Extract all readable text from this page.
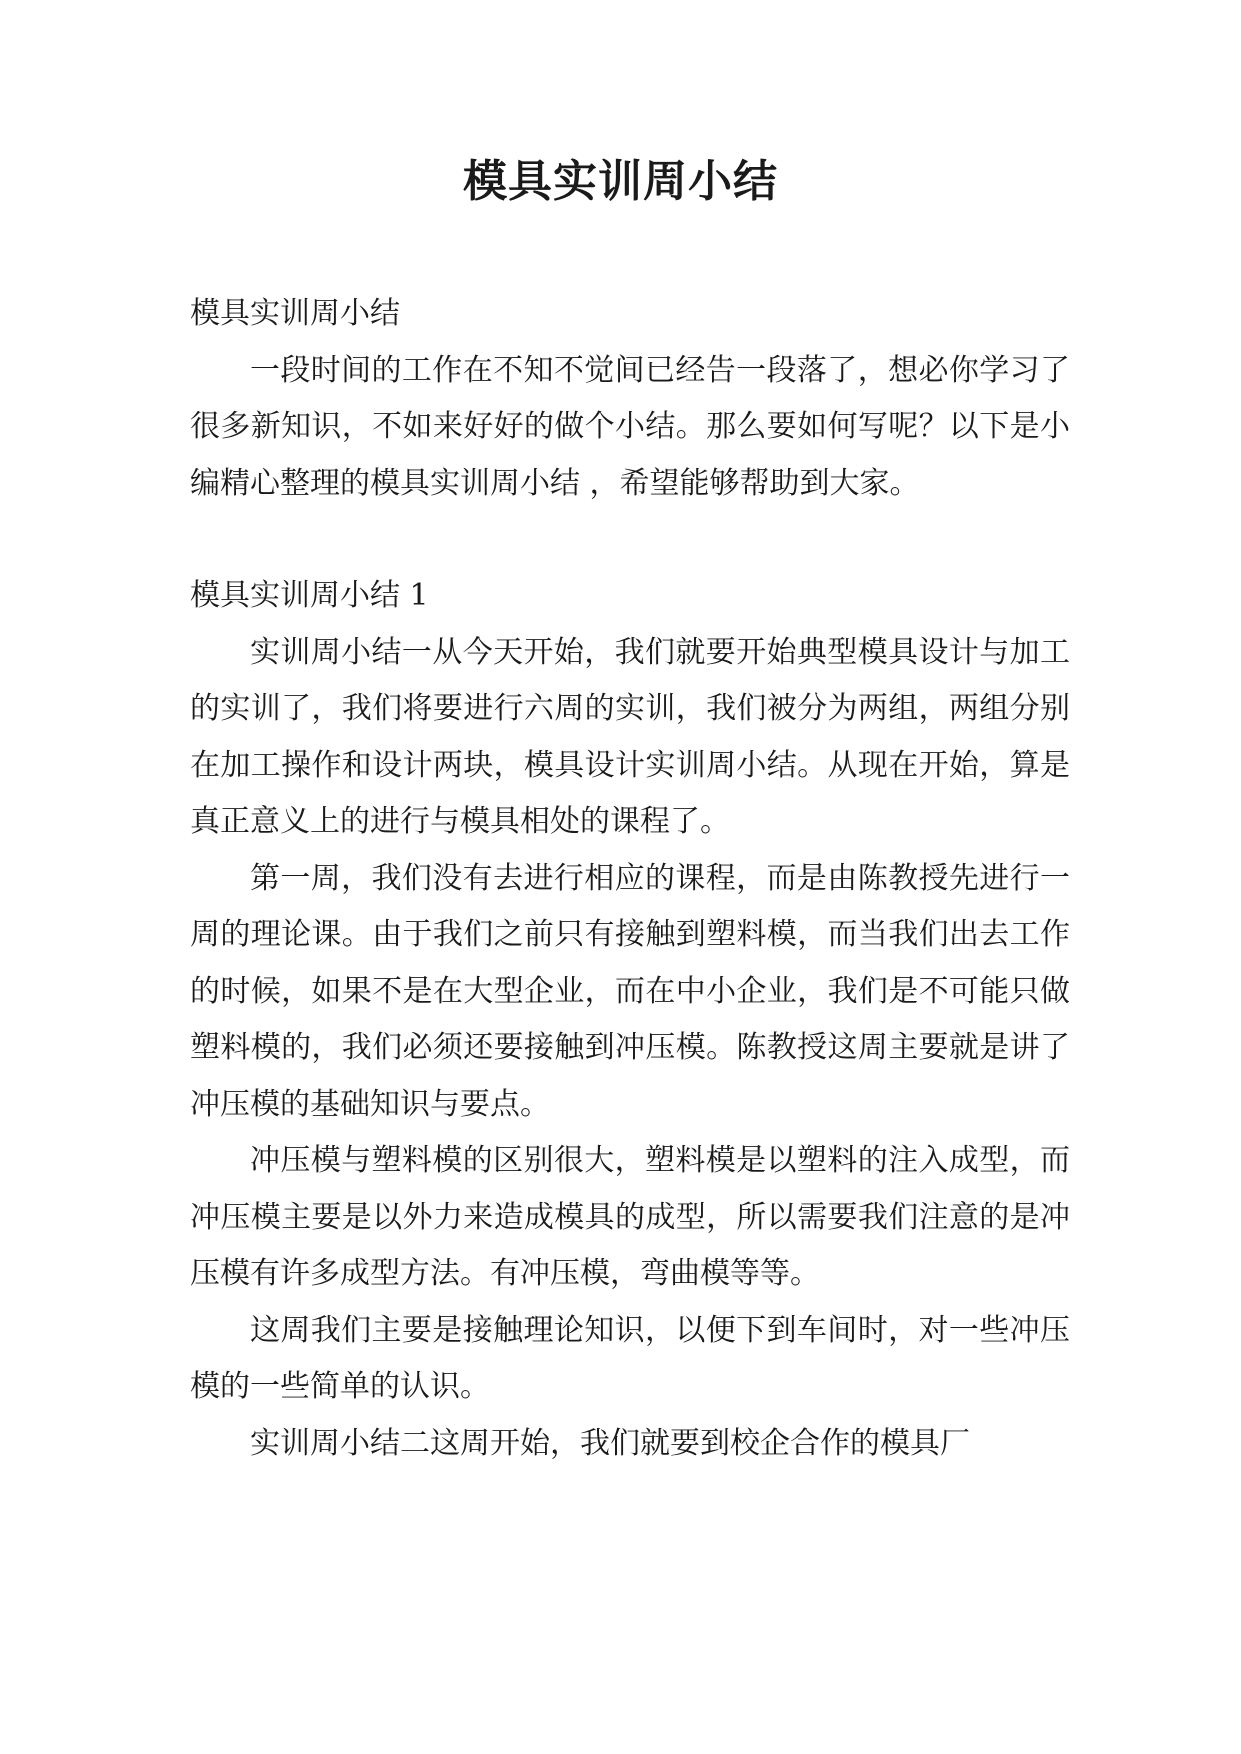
模具实训周小结

模具实训周小结

一段时间的工作在不知不觉间已经告一段落了，想必你学习了很多新知识，不如来好好的做个小结。那么要如何写呢？以下是小编精心整理的模具实训周小结 ，希望能够帮助到大家。

模具实训周小结 1

实训周小结一从今天开始，我们就要开始典型模具设计与加工的实训了，我们将要进行六周的实训，我们被分为两组，两组分别在加工操作和设计两块，模具设计实训周小结。从现在开始，算是真正意义上的进行与模具相处的课程了。

第一周，我们没有去进行相应的课程，而是由陈教授先进行一周的理论课。由于我们之前只有接触到塑料模，而当我们出去工作的时候，如果不是在大型企业，而在中小企业，我们是不可能只做塑料模的，我们必须还要接触到冲压模。陈教授这周主要就是讲了冲压模的基础知识与要点。

冲压模与塑料模的区别很大，塑料模是以塑料的注入成型，而冲压模主要是以外力来造成模具的成型，所以需要我们注意的是冲压模有许多成型方法。有冲压模，弯曲模等等。

这周我们主要是接触理论知识，以便下到车间时，对一些冲压模的一些简单的认识。

实训周小结二这周开始，我们就要到校企合作的模具厂
